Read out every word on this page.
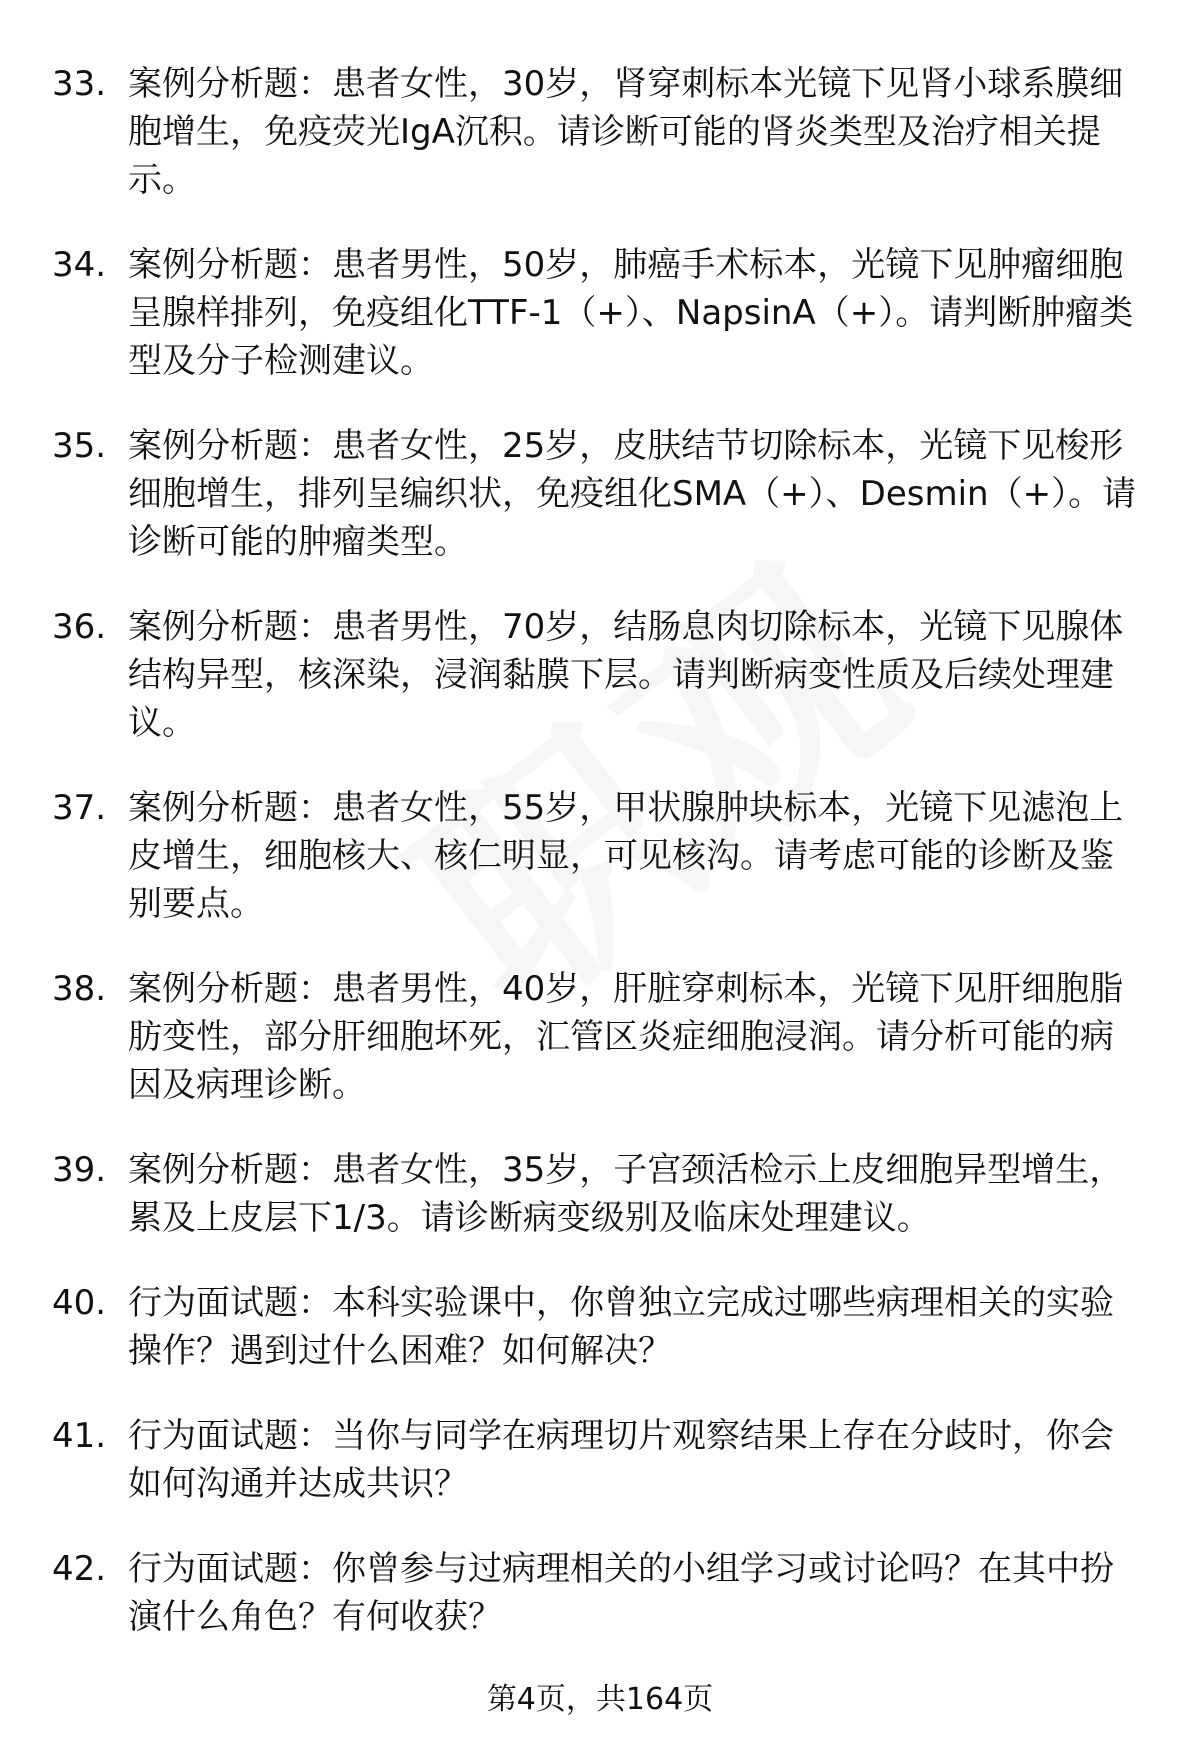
33. 案例分析题：患者女性，30岁，肾穿刺标本光镜下见肾小球系膜细胞增生，免疫荧光IgA沉积。请诊断可能的肾炎类型及治疗相关提示。
34. 案例分析题：患者男性，50岁，肺癌手术标本，光镜下见肿瘤细胞呈腺样排列，免疫组化TTF-1（+）、NapsinA（+）。请判断肿瘤类型及分子检测建议。
35. 案例分析题：患者女性，25岁，皮肤结节切除标本，光镜下见梭形细胞增生，排列呈编织状，免疫组化SMA（+）、Desmin（+）。请诊断可能的肿瘤类型。
36. 案例分析题：患者男性，70岁，结肠息肉切除标本，光镜下见腺体结构异型，核深染，浸润黏膜下层。请判断病变性质及后续处理建议。
37. 案例分析题：患者女性，55岁，甲状腺肿块标本，光镜下见滤泡上皮增生，细胞核大、核仁明显，可见核沟。请考虑可能的诊断及鉴别要点。
38. 案例分析题：患者男性，40岁，肝脏穿刺标本，光镜下见肝细胞脂肪变性，部分肝细胞坏死，汇管区炎症细胞浸润。请分析可能的病因及病理诊断。
39. 案例分析题：患者女性，35岁，子宫颈活检示上皮细胞异型增生，累及上皮层下1/3。请诊断病变级别及临床处理建议。
40. 行为面试题：本科实验课中，你曾独立完成过哪些病理相关的实验操作？遇到过什么困难？如何解决？
41. 行为面试题：当你与同学在病理切片观察结果上存在分歧时，你会如何沟通并达成共识？
42. 行为面试题：你曾参与过病理相关的小组学习或讨论吗？在其中扮演什么角色？有何收获？
第4页，共164页
